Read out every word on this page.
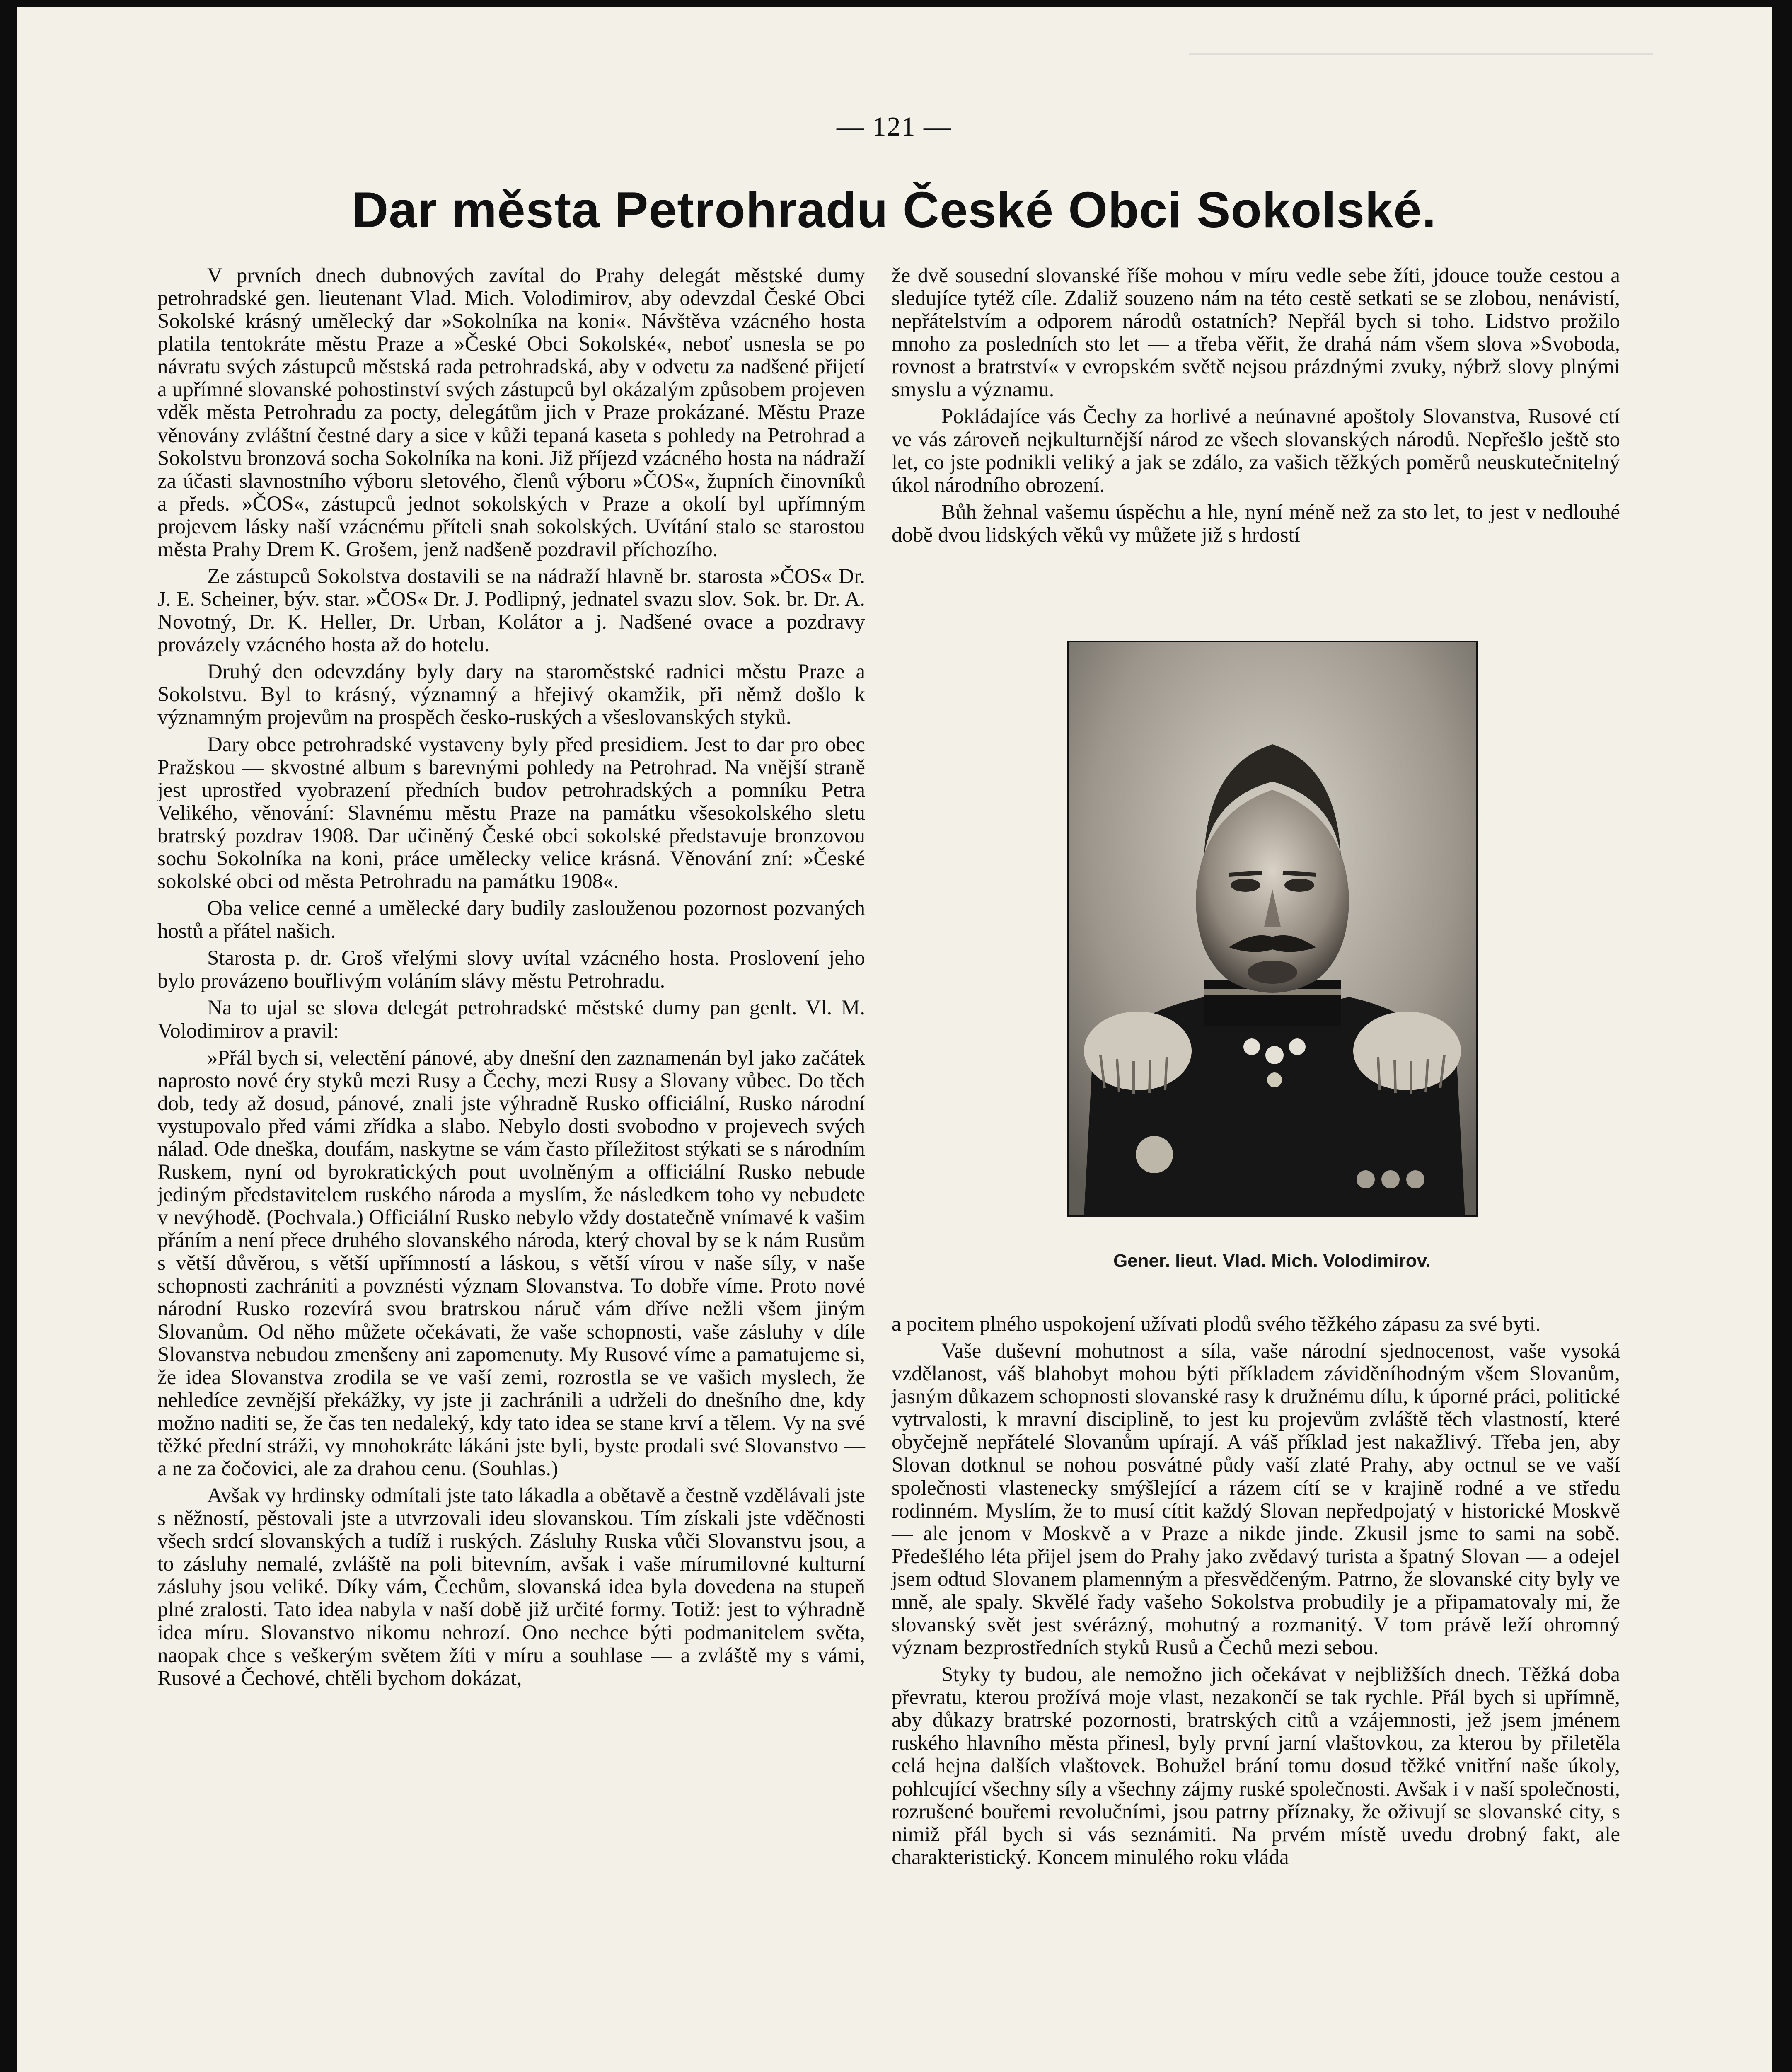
— 121 —
Dar města Petrohradu České Obci Sokolské.

V prvních dnech dubnových zavítal do Prahy delegát městské dumy petrohradské gen. lieutenant Vlad. Mich. Volodimirov, aby odevzdal České Obci Sokolské krásný umělecký dar »Sokolníka na koni«. Návštěva vzácného hosta platila tentokráte městu Praze a »České Obci Sokolské«, neboť usnesla se po návratu svých zástupců městská rada petrohradská, aby v odvetu za nadšené přijetí a upřímné slovanské pohostinství svých zástupců byl okázalým způsobem projeven vděk města Petrohradu za pocty, delegátům jich v Praze prokázané. Městu Praze věnovány zvláštní čestné dary a sice v kůži tepaná kaseta s pohledy na Petrohrad a Sokolstvu bronzová socha Sokolníka na koni. Již příjezd vzácného hosta na nádraží za účasti slavnostního výboru sletového, členů výboru »ČOS«, župních činovníků a předs. »ČOS«, zástupců jednot sokolských v Praze a okolí byl upřímným projevem lásky naší vzácnému příteli snah sokolských. Uvítání stalo se starostou města Prahy Drem K. Grošem, jenž nadšeně pozdravil příchozího.

Ze zástupců Sokolstva dostavili se na nádraží hlavně br. starosta »ČOS« Dr. J. E. Scheiner, býv. star. »ČOS« Dr. J. Podlipný, jednatel svazu slov. Sok. br. Dr. A. Novotný, Dr. K. Heller, Dr. Urban, Kolátor a j. Nadšené ovace a pozdravy provázely vzácného hosta až do hotelu.

Druhý den odevzdány byly dary na staroměstské radnici městu Praze a Sokolstvu. Byl to krásný, významný a hřejivý okamžik, při němž došlo k významným projevům na prospěch česko-ruských a všeslovanských styků.

Dary obce petrohradské vystaveny byly před presidiem. Jest to dar pro obec Pražskou — skvostné album s barevnými pohledy na Petrohrad. Na vnější straně jest uprostřed vyobrazení předních budov petrohradských a pomníku Petra Velikého, věnování: Slavnému městu Praze na památku všesokolského sletu bratrský pozdrav 1908. Dar učiněný České obci sokolské představuje bronzovou sochu Sokolníka na koni, práce umělecky velice krásná. Věnování zní: »České sokolské obci od města Petrohradu na památku 1908«.

Oba velice cenné a umělecké dary budily zaslouženou pozornost pozvaných hostů a přátel našich.

Starosta p. dr. Groš vřelými slovy uvítal vzácného hosta. Proslovení jeho bylo provázeno bouřlivým voláním slávy městu Petrohradu.

Na to ujal se slova delegát petrohradské městské dumy pan genlt. Vl. M. Volodimirov a pravil:

»Přál bych si, velectění pánové, aby dnešní den zaznamenán byl jako začátek naprosto nové éry styků mezi Rusy a Čechy, mezi Rusy a Slovany vůbec. Do těch dob, tedy až dosud, pánové, znali jste výhradně Rusko officiální, Rusko národní vystupovalo před vámi zřídka a slabo. Nebylo dosti svobodno v projevech svých nálad. Ode dneška, doufám, naskytne se vám často příležitost stýkati se s národním Ruskem, nyní od byrokratických pout uvolněným a officiální Rusko nebude jediným představitelem ruského národa a myslím, že následkem toho vy nebudete v nevýhodě. (Pochvala.) Officiální Rusko nebylo vždy dostatečně vnímavé k vašim přáním a není přece druhého slovanského národa, který choval by se k nám Rusům s větší důvěrou, s větší upřímností a láskou, s větší vírou v naše síly, v naše schopnosti zachrániti a povznésti význam Slovanstva. To dobře víme. Proto nové národní Rusko rozevírá svou bratrskou náruč vám dříve nežli všem jiným Slovanům. Od něho můžete očekávati, že vaše schopnosti, vaše zásluhy v díle Slovanstva nebudou zmenšeny ani zapomenuty. My Rusové víme a pamatujeme si, že idea Slovanstva zrodila se ve vaší zemi, rozrostla se ve vašich myslech, že nehledíce zevnější překážky, vy jste ji zachránili a udrželi do dnešního dne, kdy možno naditi se, že čas ten nedaleký, kdy tato idea se stane krví a tělem. Vy na své těžké přední stráži, vy mnohokráte lákáni jste byli, byste prodali své Slovanstvo — a ne za čočovici, ale za drahou cenu. (Souhlas.)

Avšak vy hrdinsky odmítali jste tato lákadla a obětavě a čestně vzdělávali jste s něžností, pěstovali jste a utvrzovali ideu slovanskou. Tím získali jste vděčnosti všech srdcí slovanských a tudíž i ruských. Zásluhy Ruska vůči Slovanstvu jsou, a to zásluhy nemalé, zvláště na poli bitevním, avšak i vaše mírumilovné kulturní zásluhy jsou veliké. Díky vám, Čechům, slovanská idea byla dovedena na stupeň plné zralosti. Tato idea nabyla v naší době již určité formy. Totiž: jest to výhradně idea míru. Slovanstvo nikomu nehrozí. Ono nechce býti podmanitelem světa, naopak chce s veškerým světem žíti v míru a souhlase — a zvláště my s vámi, Rusové a Čechové, chtěli bychom dokázat,

že dvě sousední slovanské říše mohou v míru vedle sebe žíti, jdouce touže cestou a sledujíce tytéž cíle. Zdaliž souzeno nám na této cestě setkati se se zlobou, nenávistí, nepřátelstvím a odporem národů ostatních? Nepřál bych si toho. Lidstvo prožilo mnoho za posledních sto let — a třeba věřit, že drahá nám všem slova »Svoboda, rovnost a bratrství« v evropském světě nejsou prázdnými zvuky, nýbrž slovy plnými smyslu a významu.

Pokládajíce vás Čechy za horlivé a neúnavné apoštoly Slovanstva, Rusové ctí ve vás zároveň nejkulturnější národ ze všech slovanských národů. Nepřešlo ještě sto let, co jste podnikli veliký a jak se zdálo, za vašich těžkých poměrů neuskutečnitelný úkol národního obrození.

Bůh žehnal vašemu úspěchu a hle, nyní méně než za sto let, to jest v nedlouhé době dvou lidských věků vy můžete již s hrdostí

Gener. lieut. Vlad. Mich. Volodimirov.

a pocitem plného uspokojení užívati plodů svého těžkého zápasu za své byti.

Vaše duševní mohutnost a síla, vaše národní sjednocenost, vaše vysoká vzdělanost, váš blahobyt mohou býti příkladem záviděníhodným všem Slovanům, jasným důkazem schopnosti slovanské rasy k družnému dílu, k úporné práci, politické vytrvalosti, k mravní disciplině, to jest ku projevům zvláště těch vlastností, které obyčejně nepřátelé Slovanům upírají. A váš příklad jest nakažlivý. Třeba jen, aby Slovan dotknul se nohou posvátné půdy vaší zlaté Prahy, aby octnul se ve vaší společnosti vlastenecky smýšlející a rázem cítí se v krajině rodné a ve středu rodinném. Myslím, že to musí cítit každý Slovan nepředpojatý v historické Moskvě — ale jenom v Moskvě a v Praze a nikde jinde. Zkusil jsme to sami na sobě. Předešlého léta přijel jsem do Prahy jako zvědavý turista a špatný Slovan — a odejel jsem odtud Slovanem plamenným a přesvědčeným. Patrno, že slovanské city byly ve mně, ale spaly. Skvělé řady vašeho Sokolstva probudily je a připamatovaly mi, že slovanský svět jest svérázný, mohutný a rozmanitý. V tom právě leží ohromný význam bezprostředních styků Rusů a Čechů mezi sebou.

Styky ty budou, ale nemožno jich očekávat v nejbližších dnech. Těžká doba převratu, kterou prožívá moje vlast, nezakončí se tak rychle. Přál bych si upřímně, aby důkazy bratrské pozornosti, bratrských citů a vzájemnosti, jež jsem jménem ruského hlavního města přinesl, byly první jarní vlaštovkou, za kterou by přiletěla celá hejna dalších vlaštovek. Bohužel brání tomu dosud těžké vnitřní naše úkoly, pohlcující všechny síly a všechny zájmy ruské společnosti. Avšak i v naší společnosti, rozrušené bouřemi revolučními, jsou patrny příznaky, že oživují se slovanské city, s nimiž přál bych si vás seznámiti. Na prvém místě uvedu drobný fakt, ale charakteristický. Koncem minulého roku vláda
